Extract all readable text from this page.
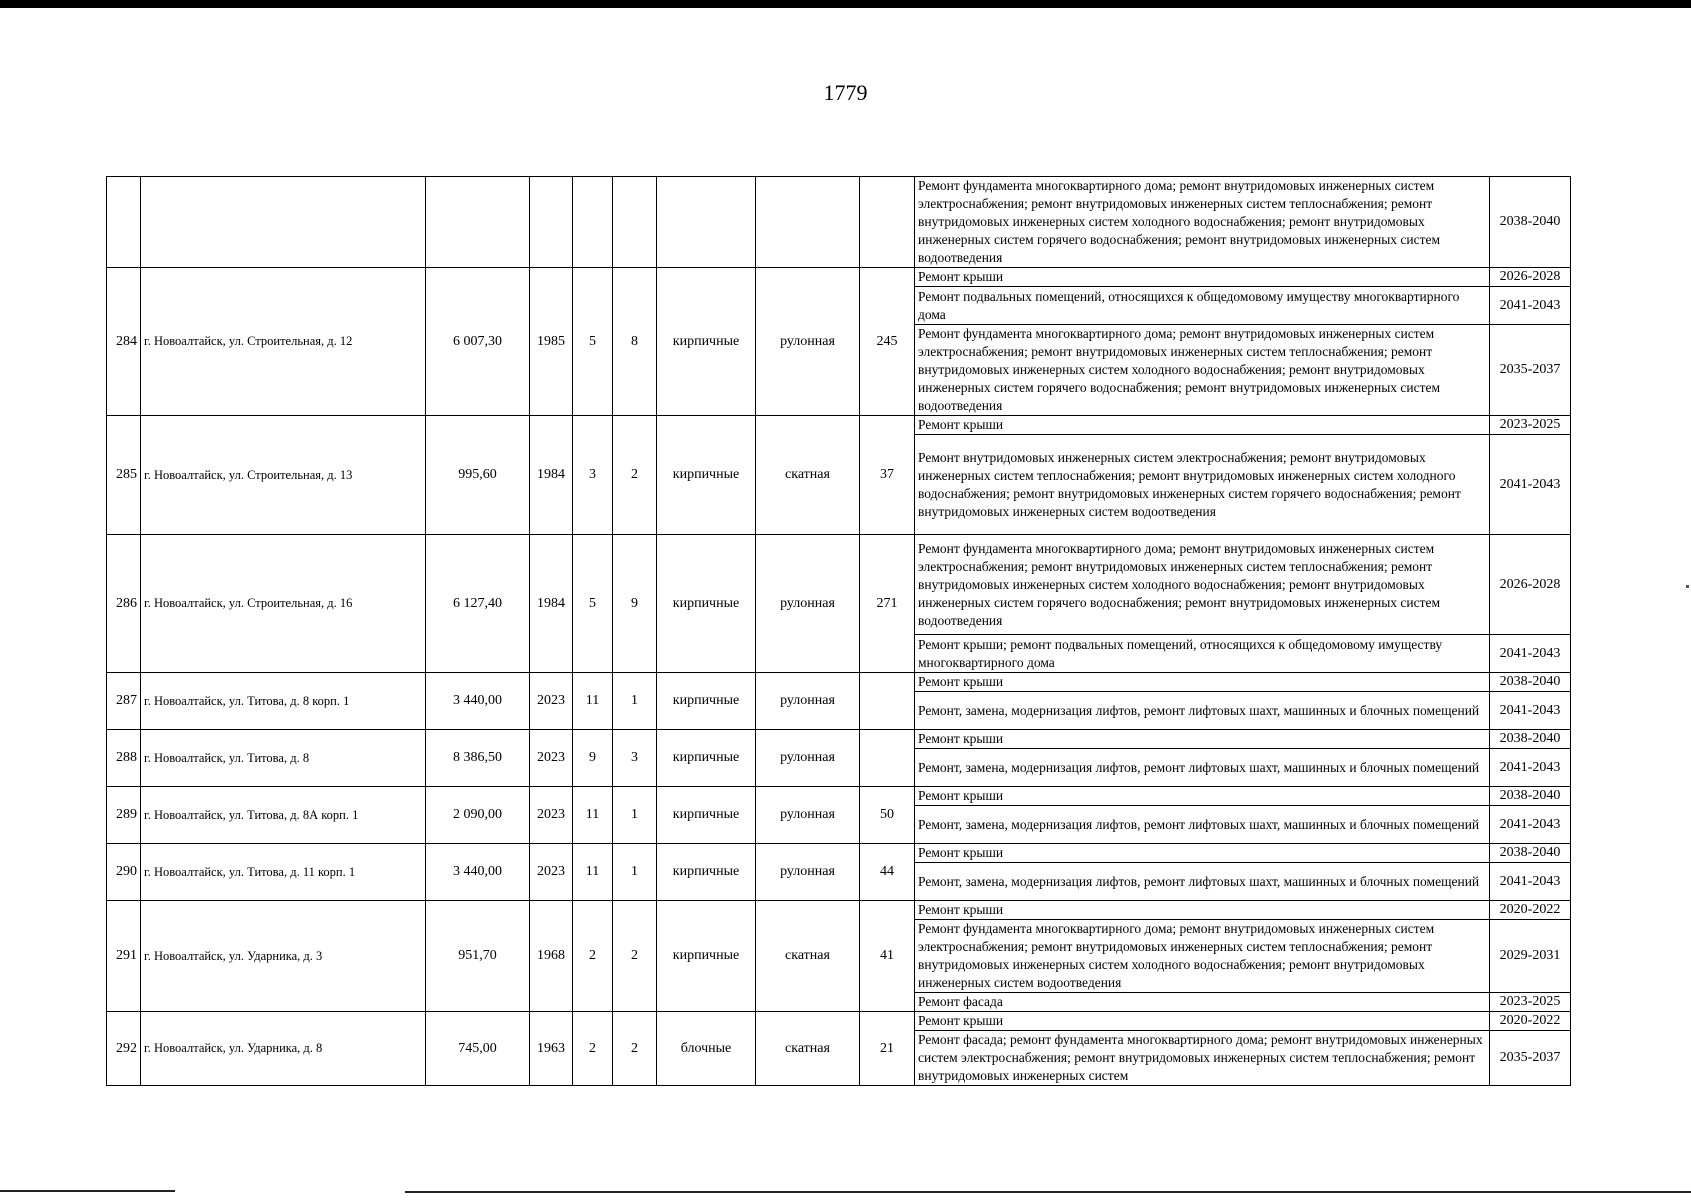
1779
									Ремонт фундамента многоквартирного дома; ремонт внутридомовых инженерных систем электроснабжения; ремонт внутридомовых инженерных систем теплоснабжения; ремонт внутридомовых инженерных систем холодного водоснабжения; ремонт внутридомовых инженерных систем горячего водоснабжения; ремонт внутридомовых инженерных систем водоотведения	2038-2040
284	г. Новоалтайск, ул. Строительная, д. 12	6 007,30	1985	5	8	кирпичные	рулонная	245	Ремонт крыши	2026-2028
									Ремонт подвальных помещений, относящихся к общедомовому имуществу многоквартирного дома	2041-2043
									Ремонт фундамента многоквартирного дома; ремонт внутридомовых инженерных систем электроснабжения; ремонт внутридомовых инженерных систем теплоснабжения; ремонт внутридомовых инженерных систем холодного водоснабжения; ремонт внутридомовых инженерных систем горячего водоснабжения; ремонт внутридомовых инженерных систем водоотведения	2035-2037
285	г. Новоалтайск, ул. Строительная, д. 13	995,60	1984	3	2	кирпичные	скатная	37	Ремонт крыши	2023-2025
									Ремонт внутридомовых инженерных систем электроснабжения; ремонт внутридомовых инженерных систем теплоснабжения; ремонт внутридомовых инженерных систем холодного водоснабжения; ремонт внутридомовых инженерных систем горячего водоснабжения; ремонт внутридомовых инженерных систем водоотведения	2041-2043
286	г. Новоалтайск, ул. Строительная, д. 16	6 127,40	1984	5	9	кирпичные	рулонная	271	Ремонт фундамента многоквартирного дома; ремонт внутридомовых инженерных систем электроснабжения; ремонт внутридомовых инженерных систем теплоснабжения; ремонт внутридомовых инженерных систем холодного водоснабжения; ремонт внутридомовых инженерных систем горячего водоснабжения; ремонт внутридомовых инженерных систем водоотведения	2026-2028
									Ремонт крыши; ремонт подвальных помещений, относящихся к общедомовому имуществу многоквартирного дома	2041-2043
287	г. Новоалтайск, ул. Титова, д. 8 корп. 1	3 440,00	2023	11	1	кирпичные	рулонная		Ремонт крыши	2038-2040
									Ремонт, замена, модернизация лифтов, ремонт лифтовых шахт, машинных и блочных помещений	2041-2043
288	г. Новоалтайск, ул. Титова, д. 8	8 386,50	2023	9	3	кирпичные	рулонная		Ремонт крыши	2038-2040
									Ремонт, замена, модернизация лифтов, ремонт лифтовых шахт, машинных и блочных помещений	2041-2043
289	г. Новоалтайск, ул. Титова, д. 8А корп. 1	2 090,00	2023	11	1	кирпичные	рулонная	50	Ремонт крыши	2038-2040
									Ремонт, замена, модернизация лифтов, ремонт лифтовых шахт, машинных и блочных помещений	2041-2043
290	г. Новоалтайск, ул. Титова, д. 11 корп. 1	3 440,00	2023	11	1	кирпичные	рулонная	44	Ремонт крыши	2038-2040
									Ремонт, замена, модернизация лифтов, ремонт лифтовых шахт, машинных и блочных помещений	2041-2043
291	г. Новоалтайск, ул. Ударника, д. 3	951,70	1968	2	2	кирпичные	скатная	41	Ремонт крыши	2020-2022
									Ремонт фундамента многоквартирного дома; ремонт внутридомовых инженерных систем электроснабжения; ремонт внутридомовых инженерных систем теплоснабжения; ремонт внутридомовых инженерных систем холодного водоснабжения; ремонт внутридомовых инженерных систем водоотведения	2029-2031
									Ремонт фасада	2023-2025
292	г. Новоалтайск, ул. Ударника, д. 8	745,00	1963	2	2	блочные	скатная	21	Ремонт крыши	2020-2022
									Ремонт фасада; ремонт фундамента многоквартирного дома; ремонт внутридомовых инженерных систем электроснабжения; ремонт внутридомовых инженерных систем теплоснабжения; ремонт внутридомовых инженерных систем	2035-2037
